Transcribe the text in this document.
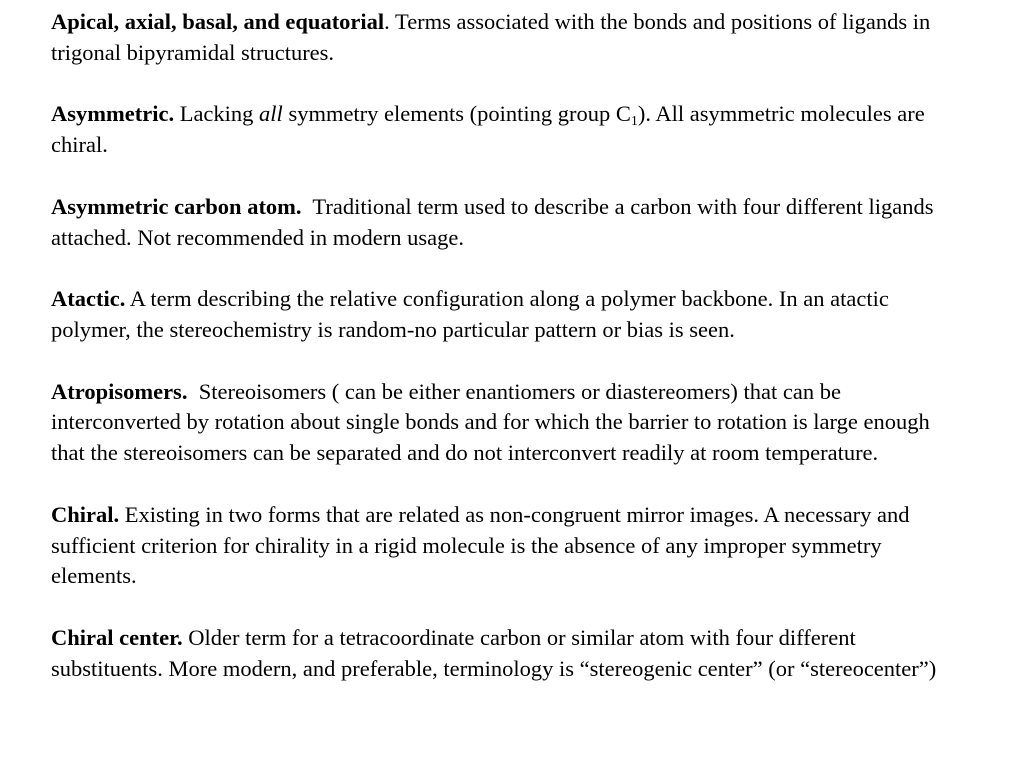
Apical, axial, basal, and equatorial. Terms associated with the bonds and positions of ligands in trigonal bipyramidal structures.

Asymmetric. Lacking all symmetry elements (pointing group $C_1$). All asymmetric molecules are chiral.

Asymmetric carbon atom.  Traditional term used to describe a carbon with four different ligands attached. Not recommended in modern usage.

Atactic. A term describing the relative configuration along a polymer backbone. In an atactic polymer, the stereochemistry is random-no particular pattern or bias is seen.

Atropisomers.  Stereoisomers ( can be either enantiomers or diastereomers) that can be interconverted by rotation about single bonds and for which the barrier to rotation is large enough that the stereoisomers can be separated and do not interconvert readily at room temperature.

Chiral. Existing in two forms that are related as non-congruent mirror images. A necessary and sufficient criterion for chirality in a rigid molecule is the absence of any improper symmetry elements.

Chiral center. Older term for a tetracoordinate carbon or similar atom with four different substituents. More modern, and preferable, terminology is “stereogenic center” (or “stereocenter”)
